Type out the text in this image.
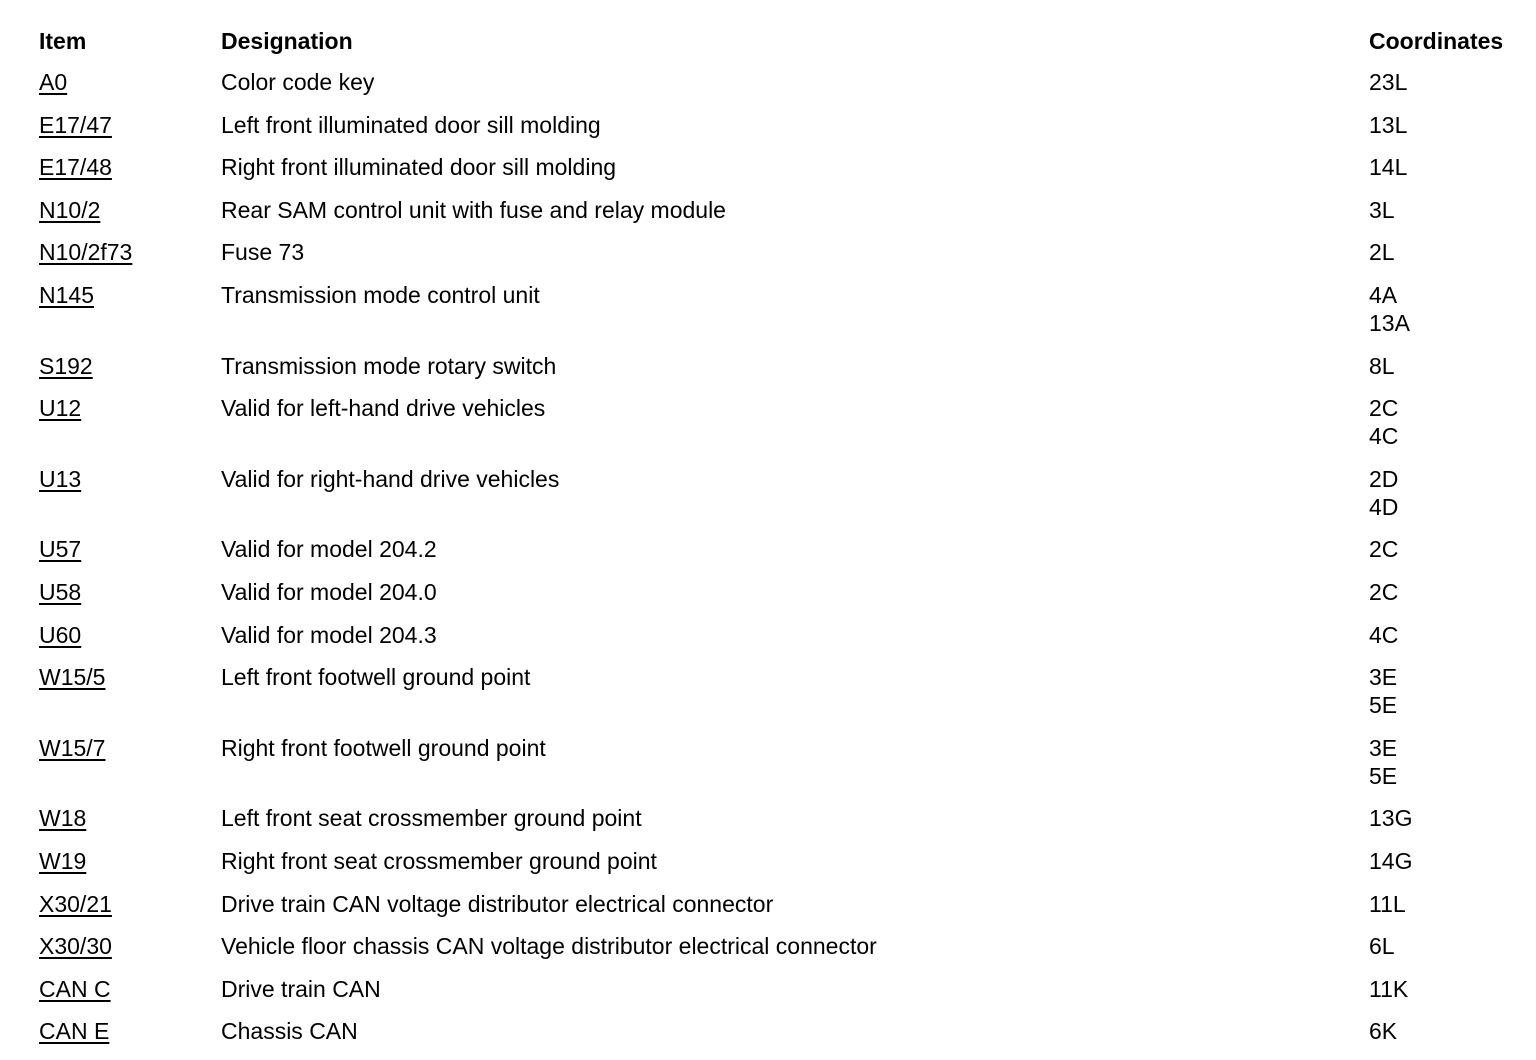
Item	Designation	Coordinates
A0	Color code key	23L
E17/47	Left front illuminated door sill molding	13L
E17/48	Right front illuminated door sill molding	14L
N10/2	Rear SAM control unit with fuse and relay module	3L
N10/2f73	Fuse 73	2L
N145	Transmission mode control unit	4A
13A
S192	Transmission mode rotary switch	8L
U12	Valid for left-hand drive vehicles	2C
4C
U13	Valid for right-hand drive vehicles	2D
4D
U57	Valid for model 204.2	2C
U58	Valid for model 204.0	2C
U60	Valid for model 204.3	4C
W15/5	Left front footwell ground point	3E
5E
W15/7	Right front footwell ground point	3E
5E
W18	Left front seat crossmember ground point	13G
W19	Right front seat crossmember ground point	14G
X30/21	Drive train CAN voltage distributor electrical connector	11L
X30/30	Vehicle floor chassis CAN voltage distributor electrical connector	6L
CAN C	Drive train CAN	11K
CAN E	Chassis CAN	6K
